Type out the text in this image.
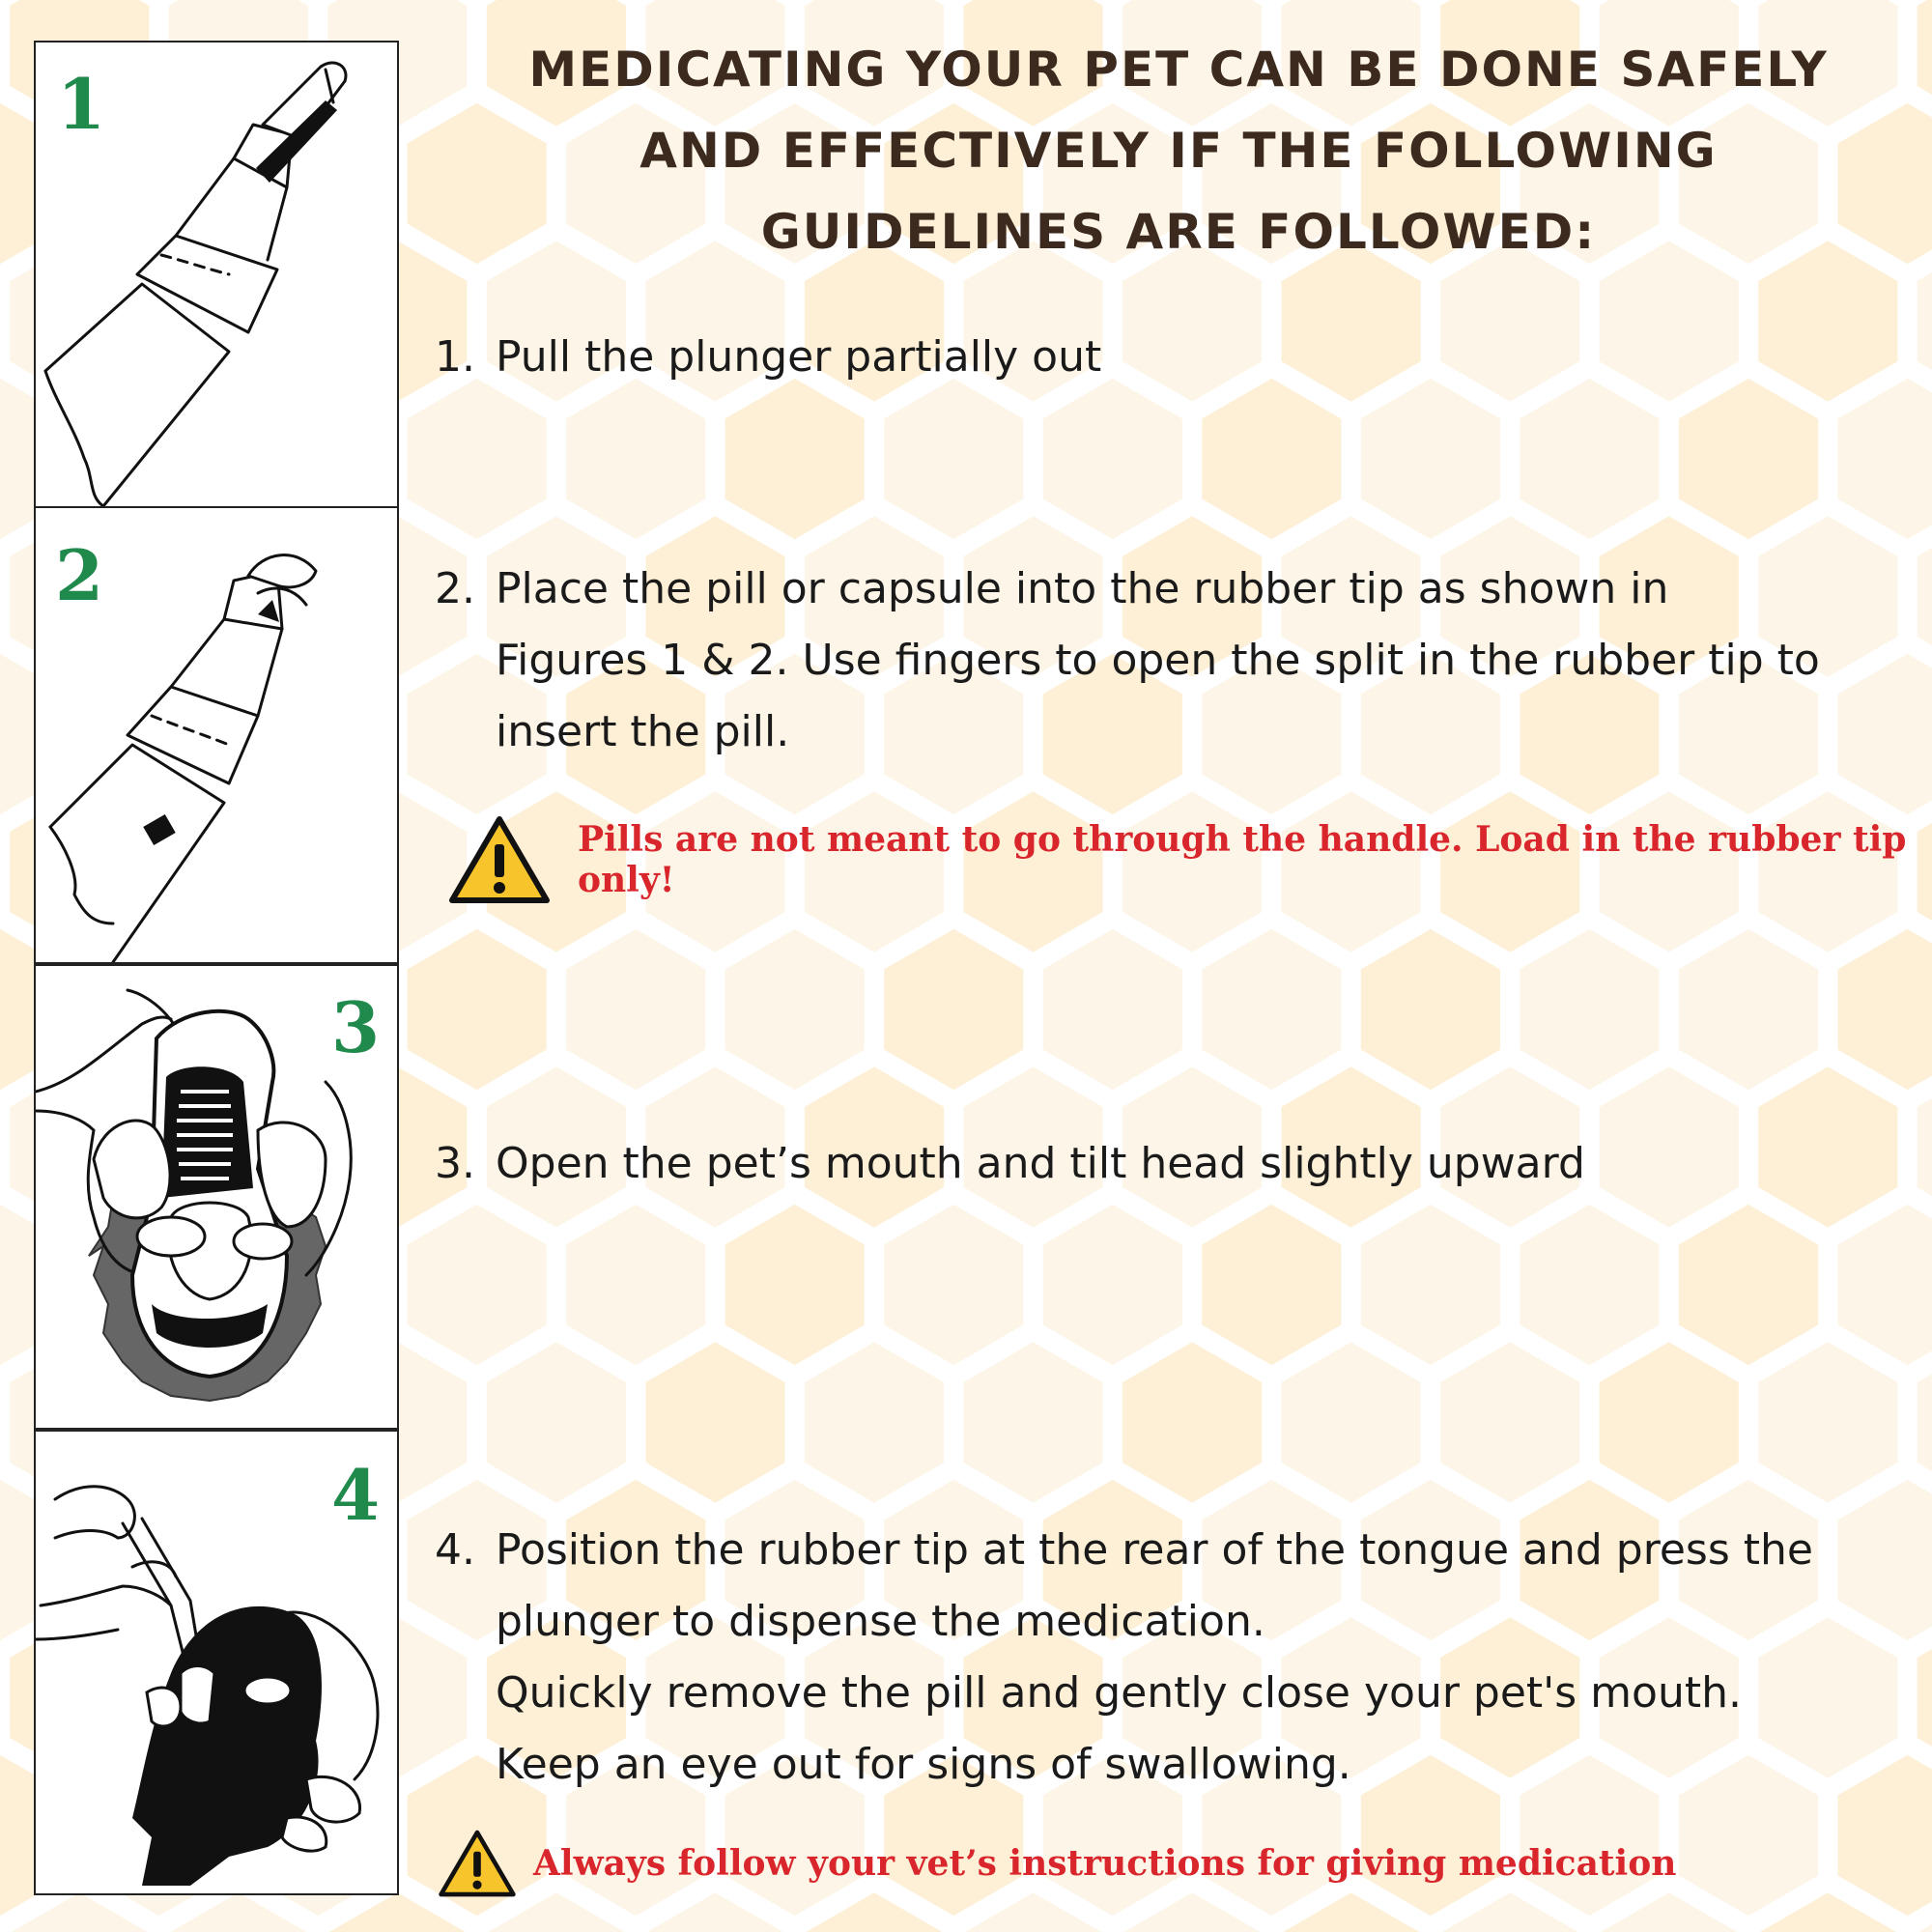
MEDICATING YOUR PET CAN BE DONE SAFELY
AND EFFECTIVELY IF THE FOLLOWING
GUIDELINES ARE FOLLOWED:
1
2
3
4
1. Pull the plunger partially out
2. Place the pill or capsule into the rubber tip as shown in
Figures 1 & 2. Use fingers to open the split in the rubber tip to
insert the pill.
Pills are not meant to go through the handle. Load in the rubber tip only!
3. Open the pet’s mouth and tilt head slightly upward
4. Position the rubber tip at the rear of the tongue and press the
plunger to dispense the medication.
Quickly remove the pill and gently close your pet's mouth.
Keep an eye out for signs of swallowing.
Always follow your vet’s instructions for giving medication
